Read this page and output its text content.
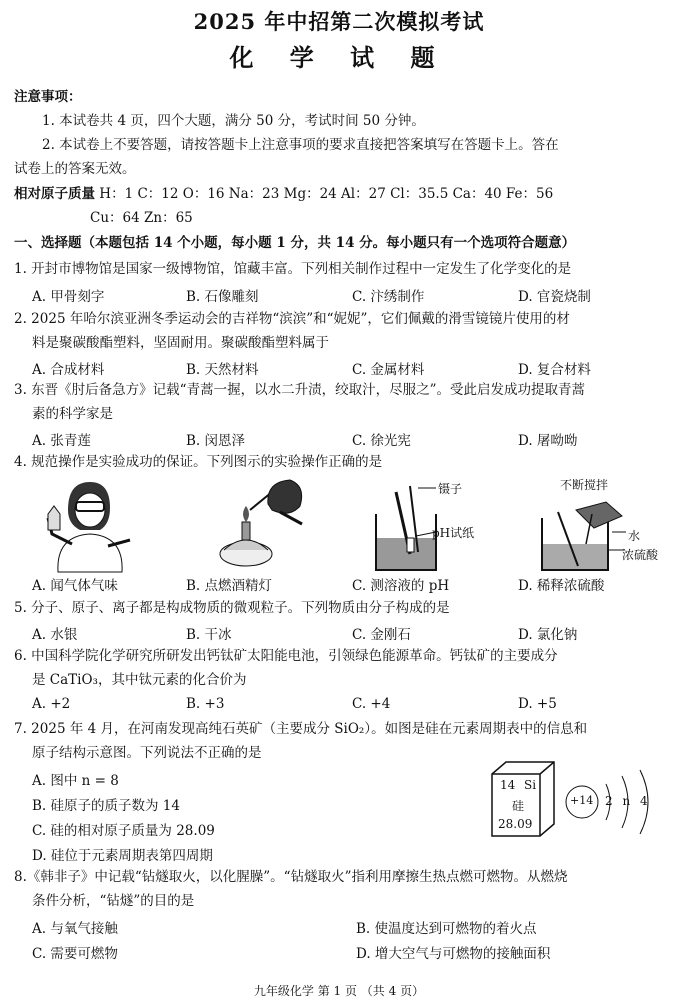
2025 年中招第二次模拟考试
化 学 试 题
注意事项：
1. 本试卷共 4 页，四个大题，满分 50 分，考试时间 50 分钟。
2. 本试卷上不要答题，请按答题卡上注意事项的要求直接把答案填写在答题卡上。答在
试卷上的答案无效。
相对原子质量 H：1 C：12 O：16 Na：23 Mg：24 Al：27 Cl：35.5 Ca：40 Fe：56
Cu：64 Zn：65
一、选择题（本题包括 14 个小题，每小题 1 分，共 14 分。每小题只有一个选项符合题意）
1. 开封市博物馆是国家一级博物馆，馆藏丰富。下列相关制作过程中一定发生了化学变化的是
A. 甲骨刻字	B. 石像雕刻	C. 汴绣制作	D. 官瓷烧制
2. 2025 年哈尔滨亚洲冬季运动会的吉祥物“滨滨”和“妮妮”，它们佩戴的滑雪镜镜片使用的材
料是聚碳酸酯塑料，坚固耐用。聚碳酸酯塑料属于
A. 合成材料	B. 天然材料	C. 金属材料	D. 复合材料
3. 东晋《肘后备急方》记载“青蒿一握，以水二升渍，绞取汁，尽服之”。受此启发成功提取青蒿
素的科学家是
A. 张青莲	B. 闵恩泽	C. 徐光宪	D. 屠呦呦
4. 规范操作是实验成功的保证。下列图示的实验操作正确的是
镊子
pH试纸
不断搅拌
水
浓硫酸
A. 闻气体气味	B. 点燃酒精灯	C. 测溶液的 pH	D. 稀释浓硫酸
5. 分子、原子、离子都是构成物质的微观粒子。下列物质由分子构成的是
A. 水银	B. 干冰	C. 金刚石	D. 氯化钠
6. 中国科学院化学研究所研发出钙钛矿太阳能电池，引领绿色能源革命。钙钛矿的主要成分
是 CaTiO₃，其中钛元素的化合价为
A. +2	B. +3	C. +4	D. +5
7. 2025 年 4 月，在河南发现高纯石英矿（主要成分 SiO₂）。如图是硅在元素周期表中的信息和
原子结构示意图。下列说法不正确的是
A. 图中 n = 8
B. 硅原子的质子数为 14
C. 硅的相对原子质量为 28.09
D. 硅位于元素周期表第四周期
14 Si
硅
28.09
+14 2 n 4
8.《韩非子》中记载“钻燧取火，以化腥臊”。“钻燧取火”指利用摩擦生热点燃可燃物。从燃烧
条件分析，“钻燧”的目的是
A. 与氧气接触	B. 使温度达到可燃物的着火点
C. 需要可燃物	D. 增大空气与可燃物的接触面积
九年级化学 第 1 页 （共 4 页）
